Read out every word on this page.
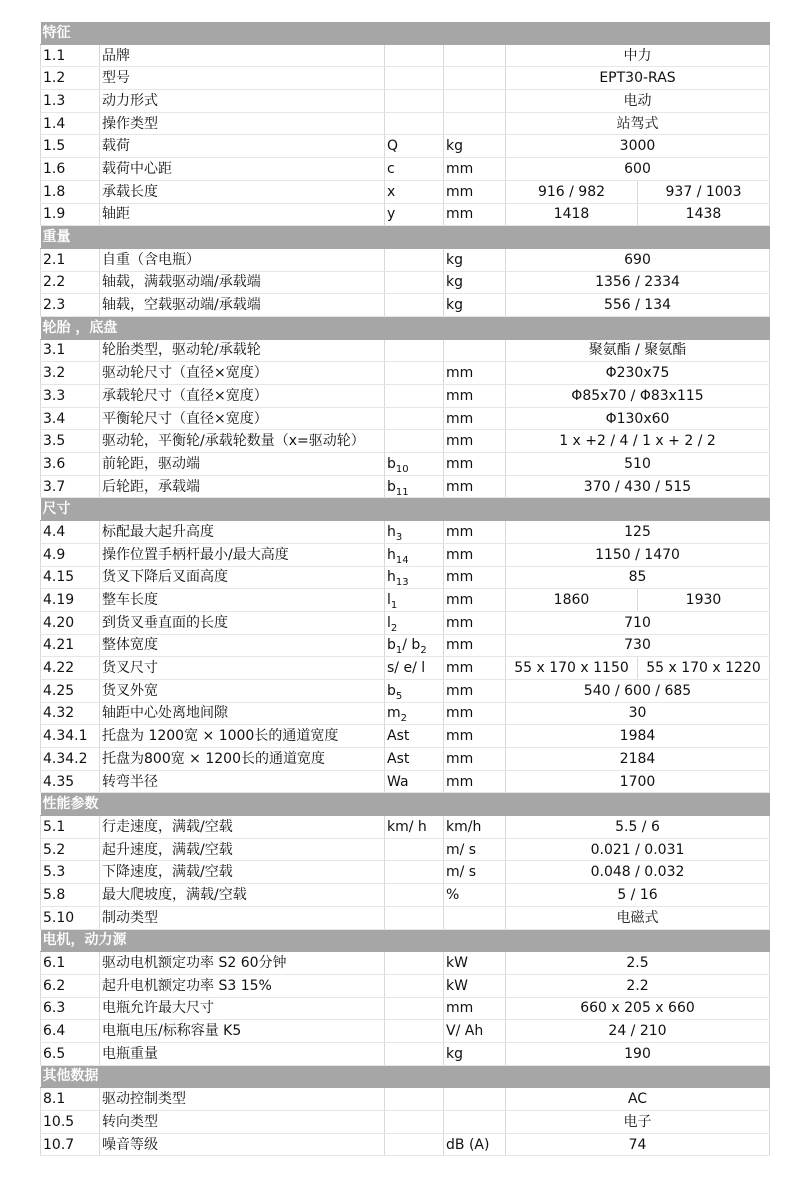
特征					
1.1	品牌			中力	
1.2	型号			EPT30-RAS	
1.3	动力形式			电动	
1.4	操作类型			站驾式	
1.5	载荷	Q	kg	3000	
1.6	载荷中心距	c	mm	600	
1.8	承载长度	x	mm	916 / 982	937 / 1003
1.9	轴距	y	mm	1418	1438
重量					
2.1	自重（含电瓶）		kg	690	
2.2	轴载，满载驱动端/承载端		kg	1356 / 2334	
2.3	轴载，空载驱动端/承载端		kg	556 / 134	
轮胎 ，底盘					
3.1	轮胎类型，驱动轮/承载轮			聚氨酯 / 聚氨酯	
3.2	驱动轮尺寸（直径×宽度）		mm	Φ230x75	
3.3	承载轮尺寸（直径×宽度）		mm	Φ85x70 / Φ83x115	
3.4	平衡轮尺寸（直径×宽度）		mm	Φ130x60	
3.5	驱动轮，平衡轮/承载轮数量（x=驱动轮）		mm	1 x +2 / 4 / 1 x + 2 / 2	
3.6	前轮距，驱动端	$b_{10}$	mm	510	
3.7	后轮距，承载端	$b_{11}$	mm	370 / 430 / 515	
尺寸					
4.4	标配最大起升高度	$h_3$	mm	125	
4.9	操作位置手柄杆最小/最大高度	$h_{14}$	mm	1150 / 1470	
4.15	货叉下降后叉面高度	$h_{13}$	mm	85	
4.19	整车长度	$l_1$	mm	1860	1930
4.20	到货叉垂直面的长度	$l_2$	mm	710	
4.21	整体宽度	$b_1/$ $b_2$	mm	730	
4.22	货叉尺寸	s/ e/ l	mm	55 x 170 x 1150	55 x 170 x 1220
4.25	货叉外宽	$b_5$	mm	540 / 600 / 685	
4.32	轴距中心处离地间隙	$m_2$	mm	30	
4.34.1	托盘为 1200宽 × 1000长的通道宽度	Ast	mm	1984	
4.34.2	托盘为800宽 × 1200长的通道宽度	Ast	mm	2184	
4.35	转弯半径	Wa	mm	1700	
性能参数					
5.1	行走速度，满载/空载	km/ h	km/h	5.5 / 6	
5.2	起升速度，满载/空载		m/ s	0.021 / 0.031	
5.3	下降速度，满载/空载		m/ s	0.048 / 0.032	
5.8	最大爬坡度，满载/空载		%	5 / 16	
5.10	制动类型			电磁式	
电机，动力源					
6.1	驱动电机额定功率 S2 60分钟		kW	2.5	
6.2	起升电机额定功率 S3 15%		kW	2.2	
6.3	电瓶允许最大尺寸		mm	660 x 205 x 660	
6.4	电瓶电压/标称容量 K5		V/ Ah	24 / 210	
6.5	电瓶重量		kg	190	
其他数据					
8.1	驱动控制类型			AC	
10.5	转向类型			电子	
10.7	噪音等级		dB (A)	74	
